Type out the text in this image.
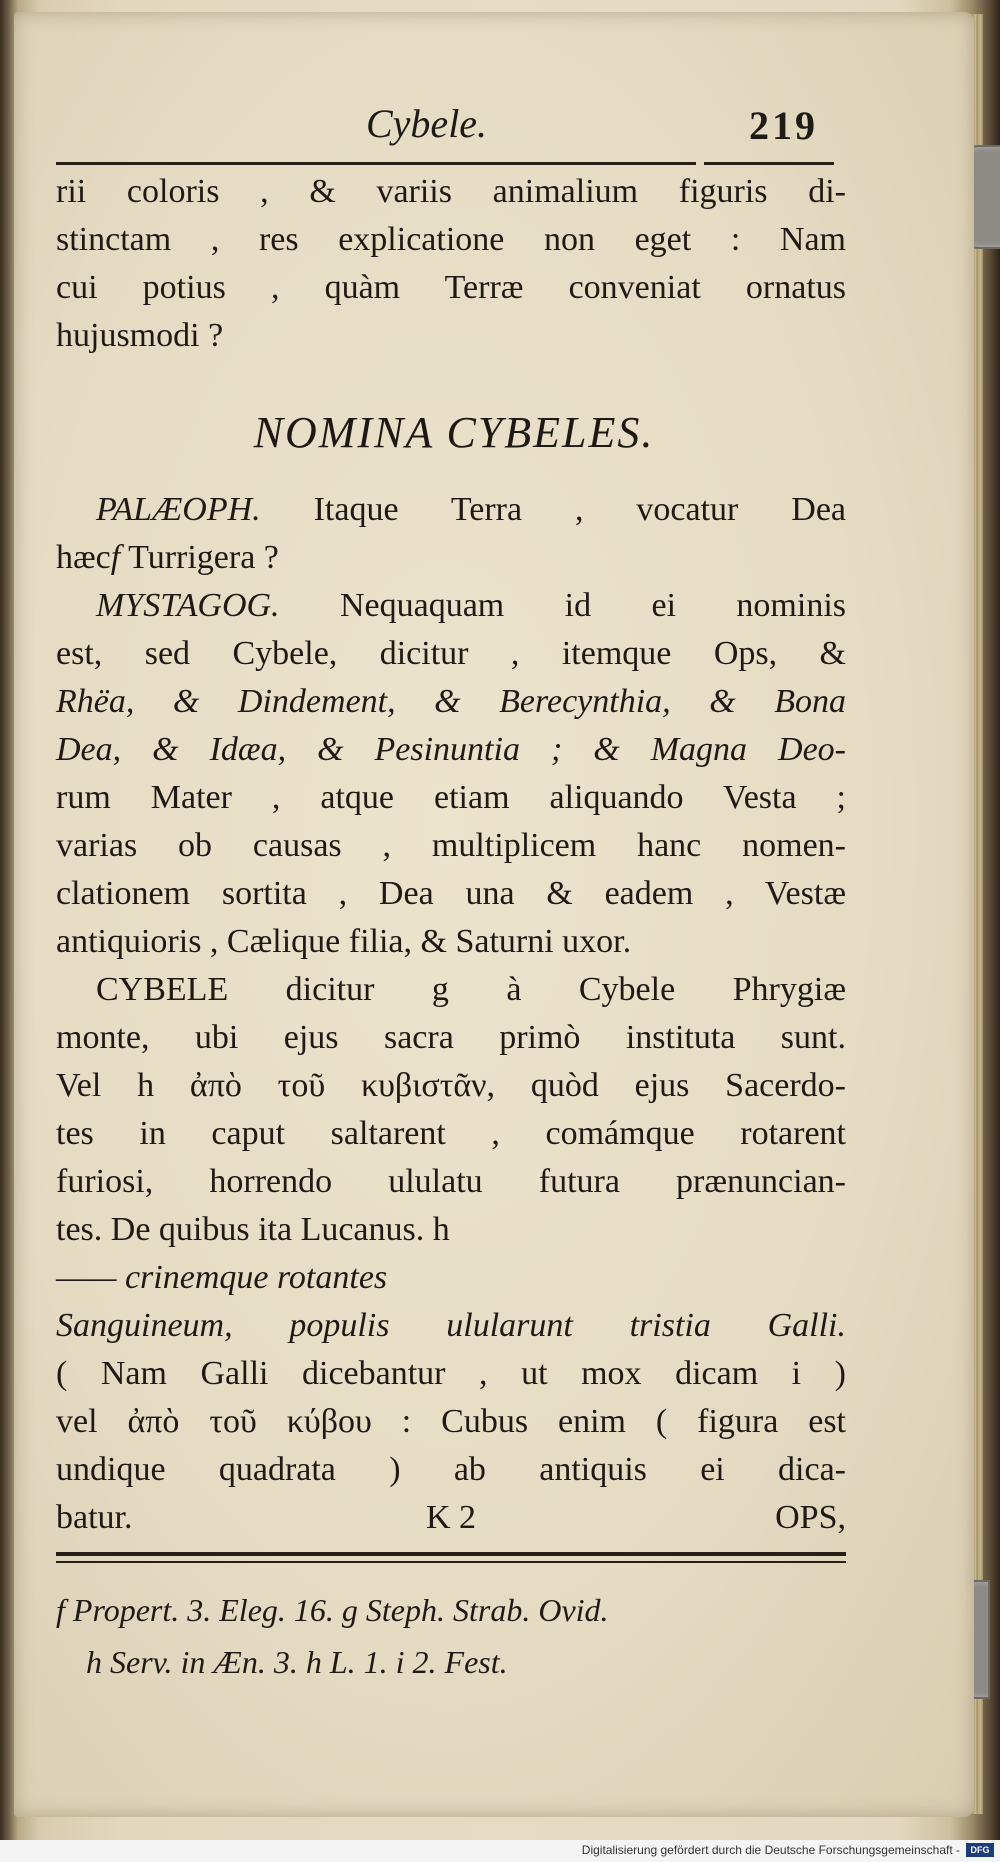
Cybele.	219
rii coloris , & variis animalium figuris di-
stinctam , res explicatione non eget : Nam
cui potius , quàm Terræ conveniat ornatus
hujusmodi ?
NOMINA CYBELES.
PALÆOPH. Itaque Terra , vocatur Dea
hæcf Turrigera ?
MYSTAGOG. Nequaquam id ei nominis
est, sed Cybele, dicitur , itemque Ops, &
Rhëa, & Dindement, & Berecynthia, & Bona
Dea, & Idæa, & Pesinuntia ; & Magna Deo-
rum Mater , atque etiam aliquando Vesta ;
varias ob causas , multiplicem hanc nomen-
clationem sortita , Dea una & eadem , Vestæ
antiquioris , Cælique filia, & Saturni uxor.
CYBELE dicitur g à Cybele Phrygiæ
monte, ubi ejus sacra primò instituta sunt.
Vel h ἀπὸ τοῦ κυβιστᾶν, quòd ejus Sacerdo-
tes in caput saltarent , comámque rotarent
furiosi, horrendo ululatu futura prænuncian-
tes. De quibus ita Lucanus. h
—— crinemque rotantes
Sanguineum, populis ulularunt tristia Galli.
( Nam Galli dicebantur , ut mox dicam i )
vel ἀπὸ τοῦ κύβου : Cubus enim ( figura est
undique quadrata ) ab antiquis ei dica-
batur.	K 2	OPS,
f Propert. 3. Eleg. 16. g Steph. Strab. Ovid.
h Serv. in Æn. 3. h L. 1. i 2. Fest.
Digitalisierung gefördert durch die Deutsche Forschungsgemeinschaft -	DFG
